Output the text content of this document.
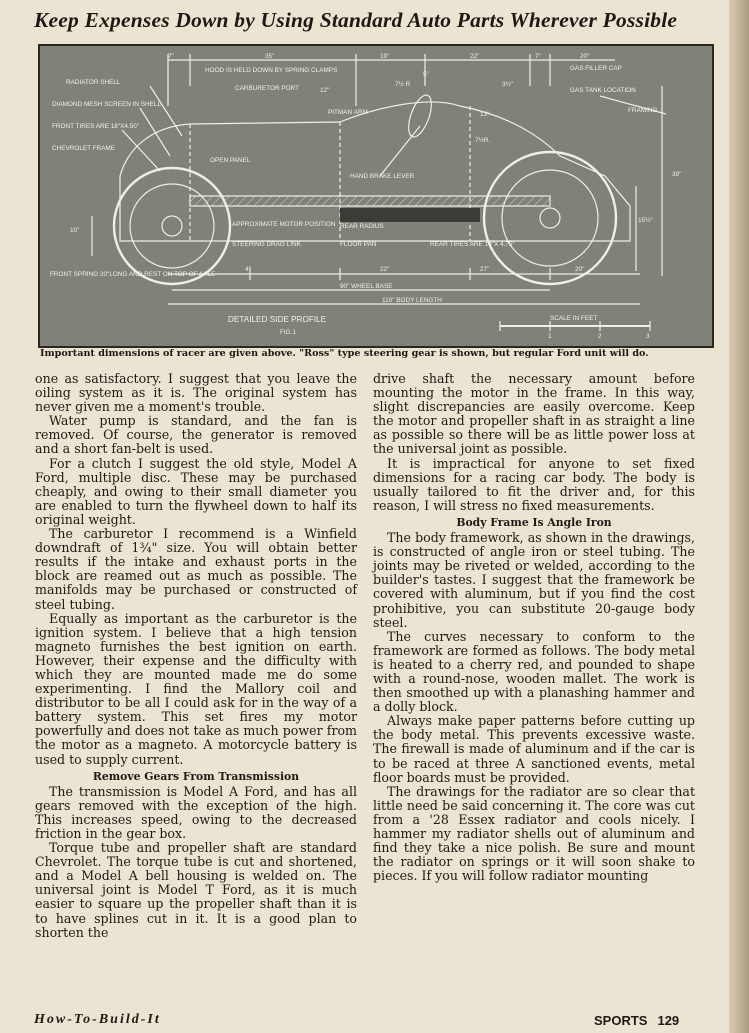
Keep Expenses Down by Using Standard Auto Parts Wherever Possible
7"	35"	19"	22"	7"	20"
HOOD IS HELD DOWN BY SPRING CLAMPS
CARBURETOR PORT	12"
7½ R
5"
3½"
GAS FILLER CAP
GAS TANK LOCATION
FRAMING
RADIATOR SHELL
DIAMOND MESH SCREEN IN SHELL
FRONT TIRES ARE 18"X4.50"
CHEVROLET FRAME
PITMAN ARM	13"
7½R.
OPEN PANEL
HAND BRAKE LEVER	39"
15½"
10"
APPROXIMATE MOTOR POSITION
STEERING DRAG LINK
REAR RADIUS
FLOOR PAN	REAR TIRES ARE 19"X 4.75"
4"	22"	27"	20"
FRONT SPRING 20"LONG AND REST ON TOP OF AXLE
90" WHEEL BASE
110" BODY LENGTH
DETAILED SIDE PROFILE
FIG.1
SCALE IN FEET
1	2	3
Important dimensions of racer are given above. "Ross" type steering gear is shown, but regular Ford unit will do.

one as satisfactory. I suggest that you leave the oiling system as it is. The original system has never given me a moment's trouble.

Water pump is standard, and the fan is removed. Of course, the generator is removed and a short fan-belt is used.

For a clutch I suggest the old style, Model A Ford, multiple disc. These may be purchased cheaply, and owing to their small diameter you are enabled to turn the flywheel down to half its original weight.

The carburetor I recommend is a Winfield downdraft of 1¾" size. You will obtain better results if the intake and exhaust ports in the block are reamed out as much as possible. The manifolds may be purchased or constructed of steel tubing.

Equally as important as the carburetor is the ignition system. I believe that a high tension magneto furnishes the best ignition on earth. However, their expense and the difficulty with which they are mounted made me do some experimenting. I find the Mallory coil and distributor to be all I could ask for in the way of a battery system. This set fires my motor powerfully and does not take as much power from the motor as a magneto. A motorcycle battery is used to supply current.

Remove Gears From Transmission

The transmission is Model A Ford, and has all gears removed with the exception of the high. This increases speed, owing to the decreased friction in the gear box.

Torque tube and propeller shaft are standard Chevrolet. The torque tube is cut and shortened, and a Model A bell housing is welded on. The universal joint is Model T Ford, as it is much easier to square up the propeller shaft than it is to have splines cut in it. It is a good plan to shorten the

drive shaft the necessary amount before mounting the motor in the frame. In this way, slight discrepancies are easily overcome. Keep the motor and propeller shaft in as straight a line as possible so there will be as little power loss at the universal joint as possible.

It is impractical for anyone to set fixed dimensions for a racing car body. The body is usually tailored to fit the driver and, for this reason, I will stress no fixed measurements.

Body Frame Is Angle Iron

The body framework, as shown in the drawings, is constructed of angle iron or steel tubing. The joints may be riveted or welded, according to the builder's tastes. I suggest that the framework be covered with aluminum, but if you find the cost prohibitive, you can substitute 20-gauge body steel.

The curves necessary to conform to the framework are formed as follows. The body metal is heated to a cherry red, and pounded to shape with a round-nose, wooden mallet. The work is then smoothed up with a planashing hammer and a dolly block.

Always make paper patterns before cutting up the body metal. This prevents excessive waste. The firewall is made of aluminum and if the car is to be raced at three A sanctioned events, metal floor boards must be provided.

The drawings for the radiator are so clear that little need be said concerning it. The core was cut from a '28 Essex radiator and cools nicely. I hammer my radiator shells out of aluminum and find they take a nice polish. Be sure and mount the radiator on springs or it will soon shake to pieces. If you will follow radiator mounting

How-To-Build-It	SPORTS 129
